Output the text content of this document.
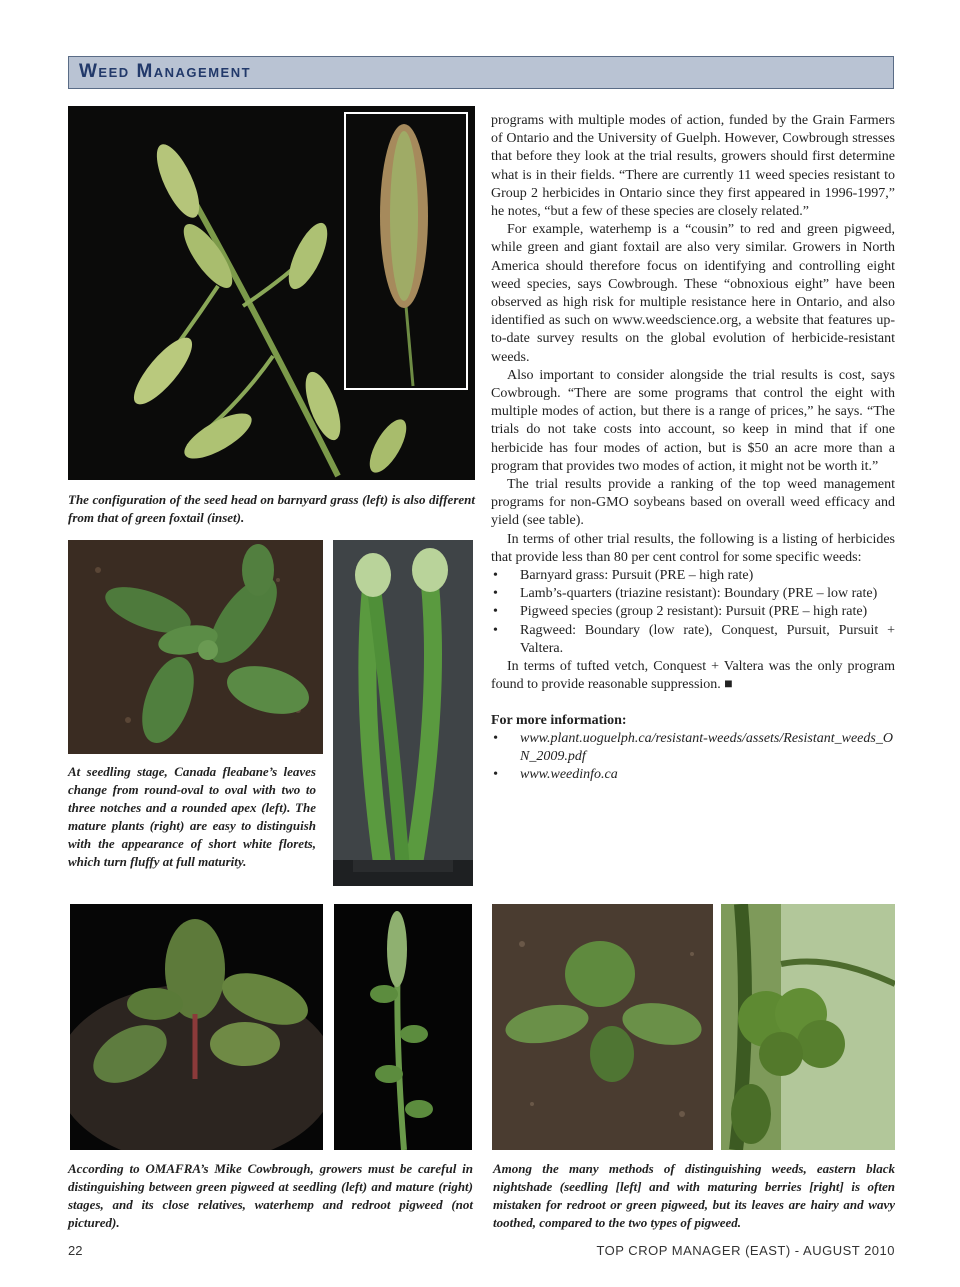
Weed Management
The configuration of the seed head on barnyard grass (left) is also different from that of green foxtail (inset).
At seedling stage, Canada fleabane’s leaves change from round-oval to oval with two to three notches and a rounded apex (left). The mature plants (right) are easy to distinguish with the appearance of short white florets, which turn fluffy at full maturity.

programs with multiple modes of action, funded by the Grain Farmers of Ontario and the University of Guelph. However, Cowbrough stresses that before they look at the trial results, growers should first determine what is in their fields. “There are currently 11 weed species resistant to Group 2 herbicides in Ontario since they first appeared in 1996-1997,” he notes, “but a few of these species are closely related.”

For example, waterhemp is a “cousin” to red and green pigweed, while green and giant foxtail are also very similar. Growers in North America should therefore focus on identifying and controlling eight weed species, says Cowbrough. These “obnoxious eight” have been observed as high risk for multiple resistance here in Ontario, and also identified as such on www.weedscience.org, a website that features up-to-date survey results on the global evolution of herbicide-resistant weeds.

Also important to consider alongside the trial results is cost, says Cowbrough. “There are some programs that control the eight with multiple modes of action, but there is a range of prices,” he says. “The trials do not take costs into account, so keep in mind that if one herbicide has four modes of action, but is $50 an acre more than a program that provides two modes of action, it might not be worth it.”

The trial results provide a ranking of the top weed management programs for non-GMO soybeans based on overall weed efficacy and yield (see table).

In terms of other trial results, the following is a listing of herbicides that provide less than 80 per cent control for some specific weeds:

• Barnyard grass: Pursuit (PRE – high rate)
• Lamb’s-quarters (triazine resistant): Boundary (PRE – low rate)
• Pigweed species (group 2 resistant): Pursuit (PRE – high rate)
• Ragweed: Boundary (low rate), Conquest, Pursuit, Pursuit + Valtera.

In terms of tufted vetch, Conquest + Valtera was the only program found to provide reasonable suppression. ■

For more information:
• www.plant.uoguelph.ca/resistant-weeds/assets/Resistant_weeds_ON_2009.pdf
• www.weedinfo.ca
According to OMAFRA’s Mike Cowbrough, growers must be careful in distinguishing between green pigweed at seedling (left) and mature (right) stages, and its close relatives, waterhemp and redroot pigweed (not pictured).
Among the many methods of distinguishing weeds, eastern black nightshade (seedling [left] and with maturing berries [right] is often mistaken for redroot or green pigweed, but its leaves are hairy and wavy toothed, compared to the two types of pigweed.
22	TOP CROP MANAGER (EAST) - AUGUST 2010
